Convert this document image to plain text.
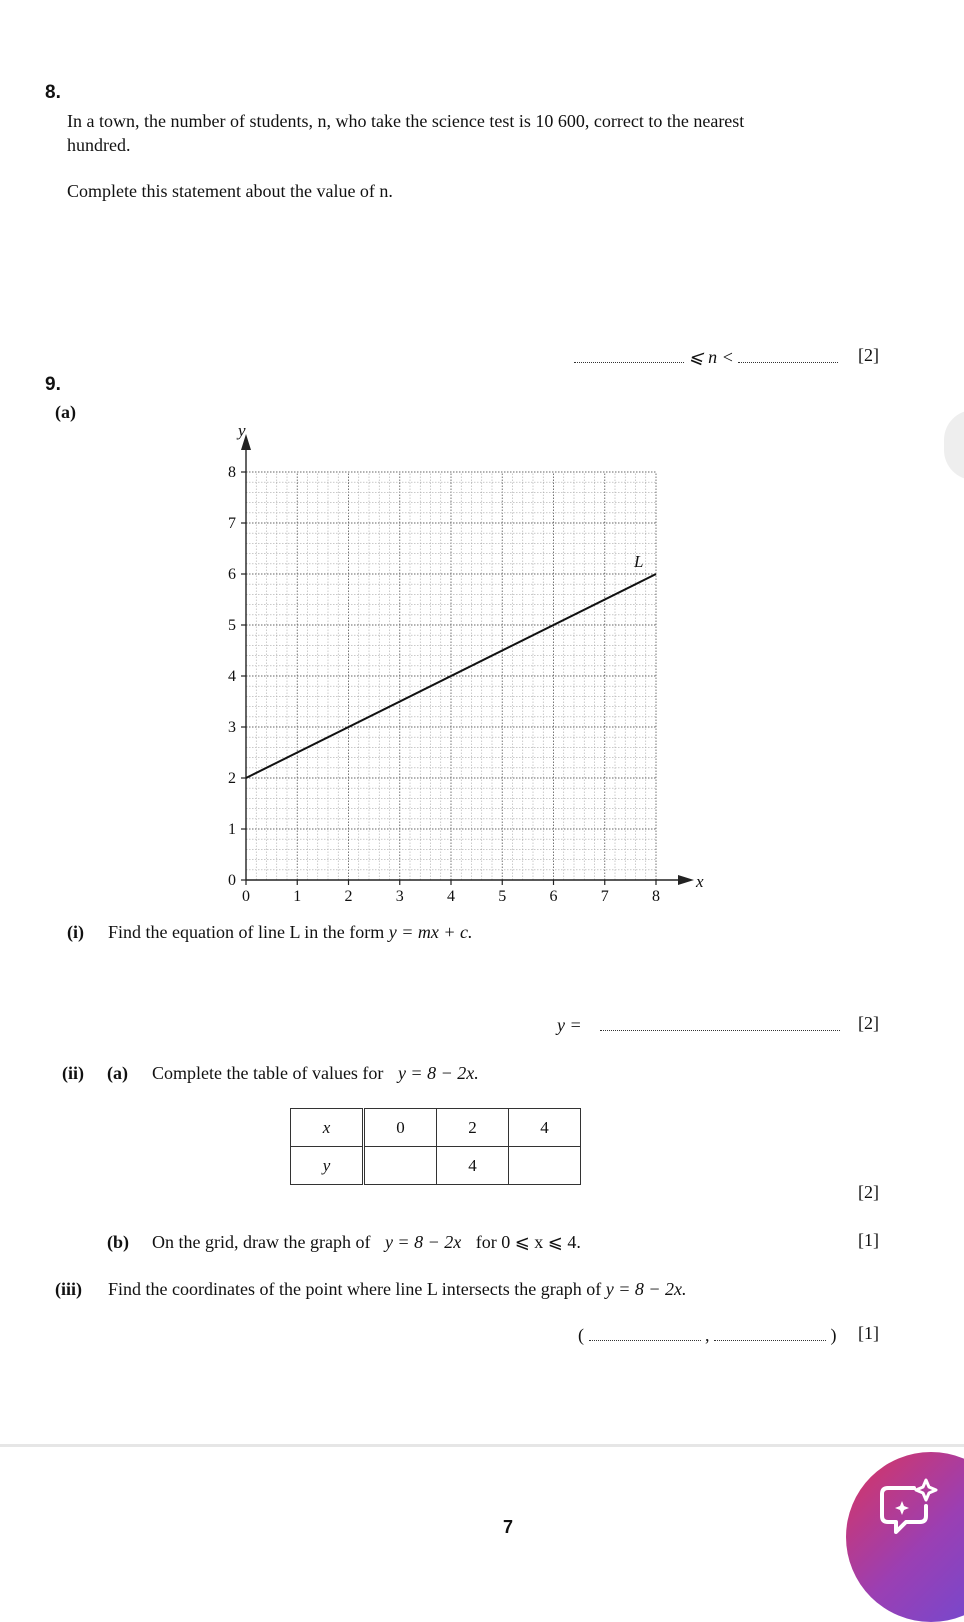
8.
In a town, the number of students, n, who take the science test is 10 600, correct to the nearest
hundred.
Complete this statement about the value of n.
⩽ n <	[2]
9.
(a)
0	1	2	3	4	5	6	7	8
0
1
2
3
4
5
6
7
8
x
y
L
(i) Find the equation of line L in the form y = mx + c.
y =	[2]
(ii) (a) Complete the table of values for y = 8 − 2x.
x	0	2	4
y		4	
[2]
(b) On the grid, draw the graph of y = 8 − 2x for 0 ⩽ x ⩽ 4.	[1]
(iii) Find the coordinates of the point where line L intersects the graph of y = 8 − 2x.
(	,	) [1]
7
